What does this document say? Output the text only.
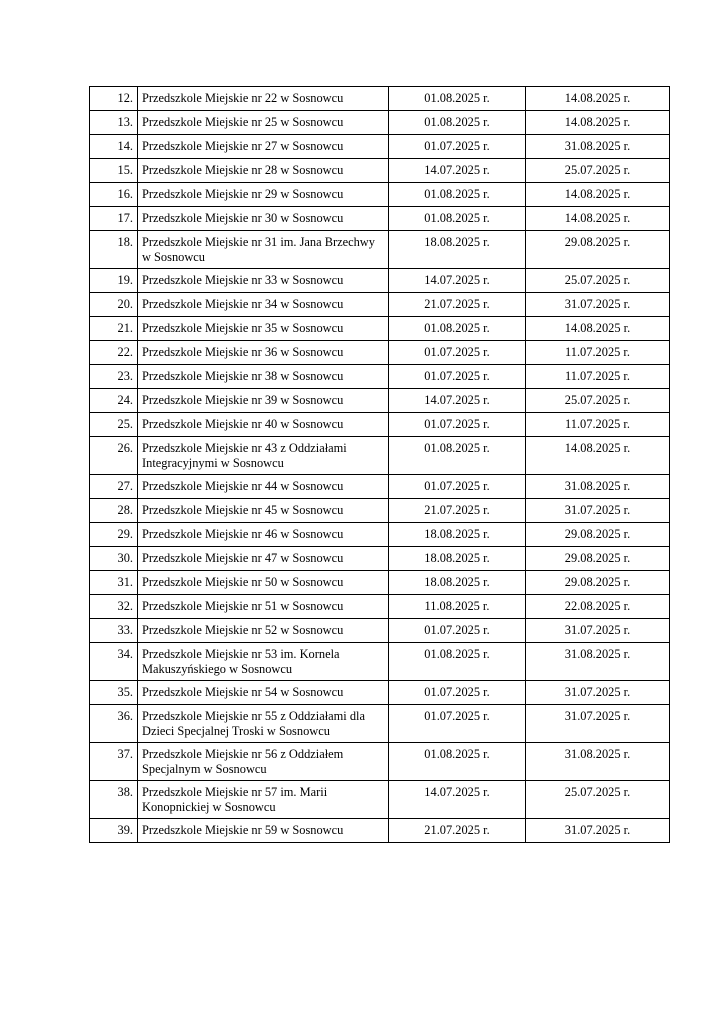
12.	Przedszkole Miejskie nr 22 w Sosnowcu	01.08.2025 r.	14.08.2025 r.
13.	Przedszkole Miejskie nr 25 w Sosnowcu	01.08.2025 r.	14.08.2025 r.
14.	Przedszkole Miejskie nr 27 w Sosnowcu	01.07.2025 r.	31.08.2025 r.
15.	Przedszkole Miejskie nr 28 w Sosnowcu	14.07.2025 r.	25.07.2025 r.
16.	Przedszkole Miejskie nr 29 w Sosnowcu	01.08.2025 r.	14.08.2025 r.
17.	Przedszkole Miejskie nr 30 w Sosnowcu	01.08.2025 r.	14.08.2025 r.
18.	Przedszkole Miejskie nr 31 im. Jana Brzechwy w Sosnowcu	18.08.2025 r.	29.08.2025 r.
19.	Przedszkole Miejskie nr 33 w Sosnowcu	14.07.2025 r.	25.07.2025 r.
20.	Przedszkole Miejskie nr 34 w Sosnowcu	21.07.2025 r.	31.07.2025 r.
21.	Przedszkole Miejskie nr 35 w Sosnowcu	01.08.2025 r.	14.08.2025 r.
22.	Przedszkole Miejskie nr 36 w Sosnowcu	01.07.2025 r.	11.07.2025 r.
23.	Przedszkole Miejskie nr 38 w Sosnowcu	01.07.2025 r.	11.07.2025 r.
24.	Przedszkole Miejskie nr 39 w Sosnowcu	14.07.2025 r.	25.07.2025 r.
25.	Przedszkole Miejskie nr 40 w Sosnowcu	01.07.2025 r.	11.07.2025 r.
26.	Przedszkole Miejskie nr 43 z Oddziałami Integracyjnymi w Sosnowcu	01.08.2025 r.	14.08.2025 r.
27.	Przedszkole Miejskie nr 44 w Sosnowcu	01.07.2025 r.	31.08.2025 r.
28.	Przedszkole Miejskie nr 45 w Sosnowcu	21.07.2025 r.	31.07.2025 r.
29.	Przedszkole Miejskie nr 46 w Sosnowcu	18.08.2025 r.	29.08.2025 r.
30.	Przedszkole Miejskie nr 47 w Sosnowcu	18.08.2025 r.	29.08.2025 r.
31.	Przedszkole Miejskie nr 50 w Sosnowcu	18.08.2025 r.	29.08.2025 r.
32.	Przedszkole Miejskie nr 51 w Sosnowcu	11.08.2025 r.	22.08.2025 r.
33.	Przedszkole Miejskie nr 52 w Sosnowcu	01.07.2025 r.	31.07.2025 r.
34.	Przedszkole Miejskie nr 53 im. Kornela Makuszyńskiego w Sosnowcu	01.08.2025 r.	31.08.2025 r.
35.	Przedszkole Miejskie nr 54 w Sosnowcu	01.07.2025 r.	31.07.2025 r.
36.	Przedszkole Miejskie nr 55 z Oddziałami dla Dzieci Specjalnej Troski w Sosnowcu	01.07.2025 r.	31.07.2025 r.
37.	Przedszkole Miejskie nr 56 z Oddziałem Specjalnym w Sosnowcu	01.08.2025 r.	31.08.2025 r.
38.	Przedszkole Miejskie nr 57 im. Marii Konopnickiej w Sosnowcu	14.07.2025 r.	25.07.2025 r.
39.	Przedszkole Miejskie nr 59 w Sosnowcu	21.07.2025 r.	31.07.2025 r.
